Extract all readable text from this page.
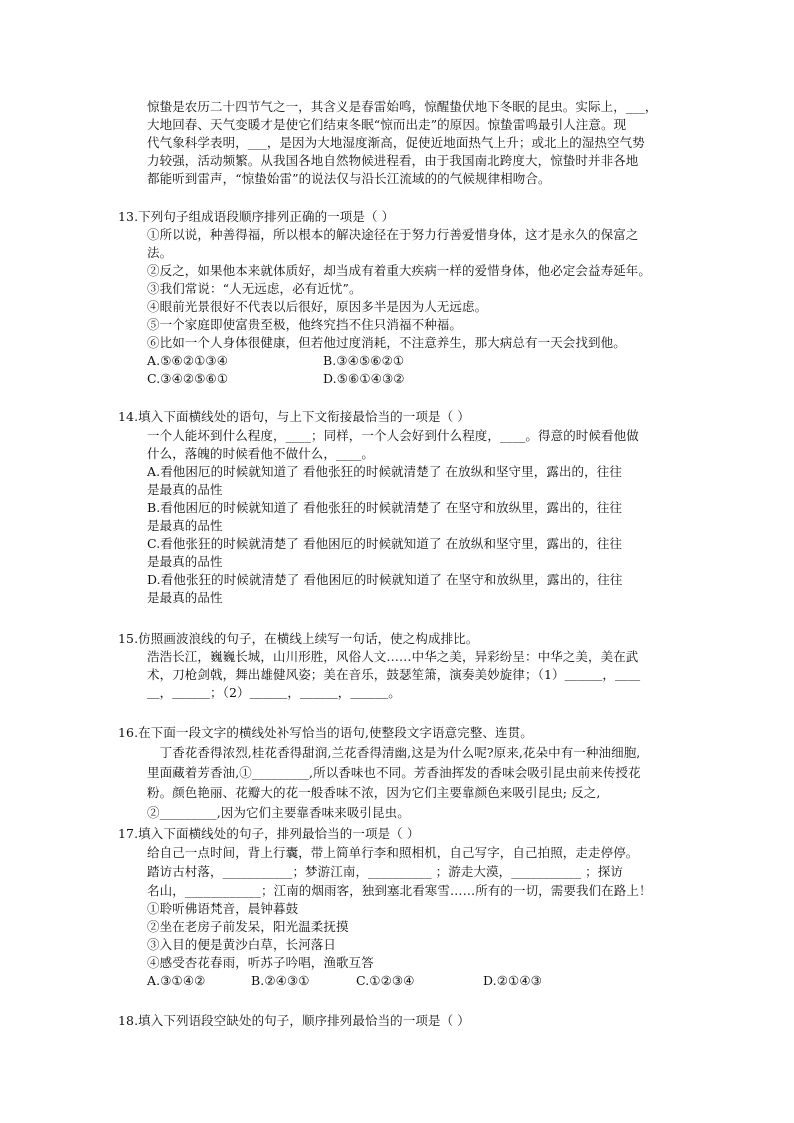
惊蛰是农历二十四节气之一，其含义是春雷始鸣，惊醒蛰伏地下冬眠的昆虫。实际上，___，
大地回春、天气变暖才是使它们结束冬眠“惊而出走”的原因。惊蛰雷鸣最引人注意。现
代气象科学表明，___，是因为大地湿度渐高，促使近地面热气上升；或北上的湿热空气势
力较强，活动频繁。从我国各地自然物候进程看，由于我国南北跨度大，惊蛰时并非各地
都能听到雷声，“惊蛰始雷”的说法仅与沿长江流域的的气候规律相吻合。
13.下列句子组成语段顺序排列正确的一项是（ ）
①所以说，种善得福，所以根本的解决途径在于努力行善爱惜身体，这才是永久的保富之
法。
②反之，如果他本来就体质好，却当成有着重大疾病一样的爱惜身体，他必定会益寿延年。
③我们常说：“人无远虑，必有近忧”。
④眼前光景很好不代表以后很好，原因多半是因为人无远虑。
⑤一个家庭即使富贵至极，他终究挡不住只消福不种福。
⑥比如一个人身体很健康，但若他过度消耗，不注意养生，那大病总有一天会找到他。
A.⑤⑥②①③④	B.③④⑤⑥②①
C.③④②⑤⑥①	D.⑤⑥①④③②
14.填入下面横线处的语句，与上下文衔接最恰当的一项是（ ）
一个人能坏到什么程度，____；同样，一个人会好到什么程度，____。得意的时候看他做
什么，落魄的时候看他不做什么，____。
A.看他困厄的时候就知道了 看他张狂的时候就清楚了 在放纵和坚守里，露出的，往往
是最真的品性
B.看他困厄的时候就知道了 看他张狂的时候就清楚了 在坚守和放纵里，露出的，往往
是最真的品性
C.看他张狂的时候就清楚了 看他困厄的时候就知道了 在放纵和坚守里，露出的，往往
是最真的品性
D.看他张狂的时候就清楚了 看他困厄的时候就知道了 在坚守和放纵里，露出的，往往
是最真的品性
15.仿照画波浪线的句子，在横线上续写一句话，使之构成排比。
浩浩长江，巍巍长城，山川形胜，风俗人文……中华之美，异彩纷呈：中华之美，美在武
术，刀枪剑戟，舞出雄健风姿；美在音乐，鼓瑟笙箫，演奏美妙旋律；（1）＿＿＿，＿＿
＿，＿＿＿；（2）＿＿＿，＿＿＿，＿＿＿。
16.在下面一段文字的横线处补写恰当的语句,使整段文字语意完整、连贯。
　丁香花香得浓烈,桂花香得甜润,兰花香得清幽,这是为什么呢?原来,花朵中有一种油细胞,
里面藏着芳香油,①_________,所以香味也不同。芳香油挥发的香味会吸引昆虫前来传授花
粉。颜色艳丽、花瓣大的花一般香味不浓，因为它们主要靠颜色来吸引昆虫; 反之,
②_________,因为它们主要靠香味来吸引昆虫。
17.填入下面横线处的句子，排列最恰当的一项是（ ）
给自己一点时间，背上行囊，带上简单行李和照相机，自己写字，自己拍照，走走停停。
踏访古村落，___________；梦游江南，__________ ；游走大漠，___________ ；探访
名山，____________；江南的烟雨客，独到塞北看寒雪……所有的一切，需要我们在路上！
①聆听佛语梵音，晨钟暮鼓
②坐在老房子前发呆，阳光温柔抚摸
③入目的便是黄沙白草，长河落日
④感受杏花春雨，听苏子吟唱，渔歌互答
A.③①④②	B.②④③①	C.①②③④	D.②①④③
18.填入下列语段空缺处的句子，顺序排列最恰当的一项是（ ）
